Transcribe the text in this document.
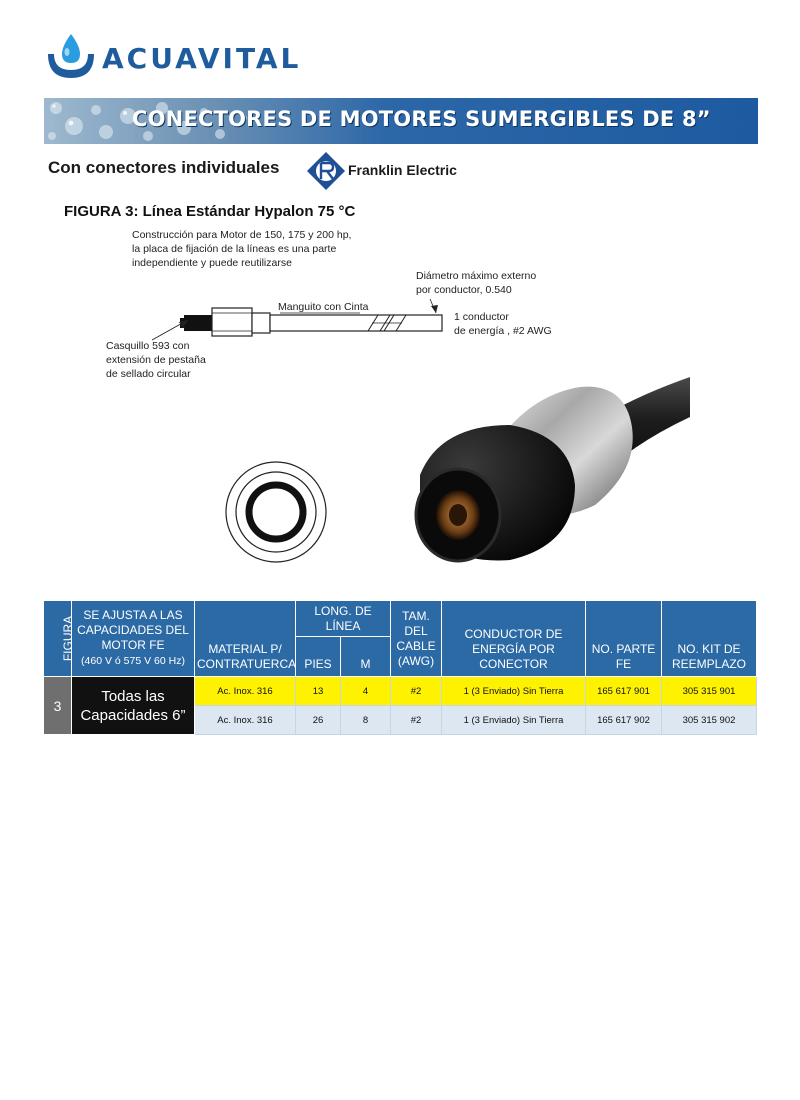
ACUAVITAL
CONECTORES DE MOTORES SUMERGIBLES DE 8”
Con conectores individuales	Franklin Electric
FIGURA 3: Línea Estándar Hypalon 75 °C
Construcción para Motor de 150, 175 y 200 hp,
la placa de fijación de la líneas es una parte
independiente y puede reutilizarse
Manguito con Cinta
Diámetro máximo externo
por conductor, 0.540
1 conductor
de energía , #2 AWG
Casquillo 593 con
extensión de pestaña
de sellado circular
FIGURA	SE AJUSTA A LAS CAPACIDADES DEL MOTOR FE
(460 V ó 575 V 60 Hz)	MATERIAL P/ CONTRATUERCA	LONG. DE LÍNEA		TAM. DEL CABLE (AWG)	CONDUCTOR DE ENERGÍA POR CONECTOR	NO. PARTE FE	NO. KIT DE REEMPLAZO
			PIES	M				
3	Todas las Capacidades 6”	Ac. Inox. 316	13	4	#2	1 (3 Enviado) Sin Tierra	165 617 901	305 315 901
		Ac. Inox. 316	26	8	#2	1 (3 Enviado) Sin Tierra	165 617 902	305 315 902
